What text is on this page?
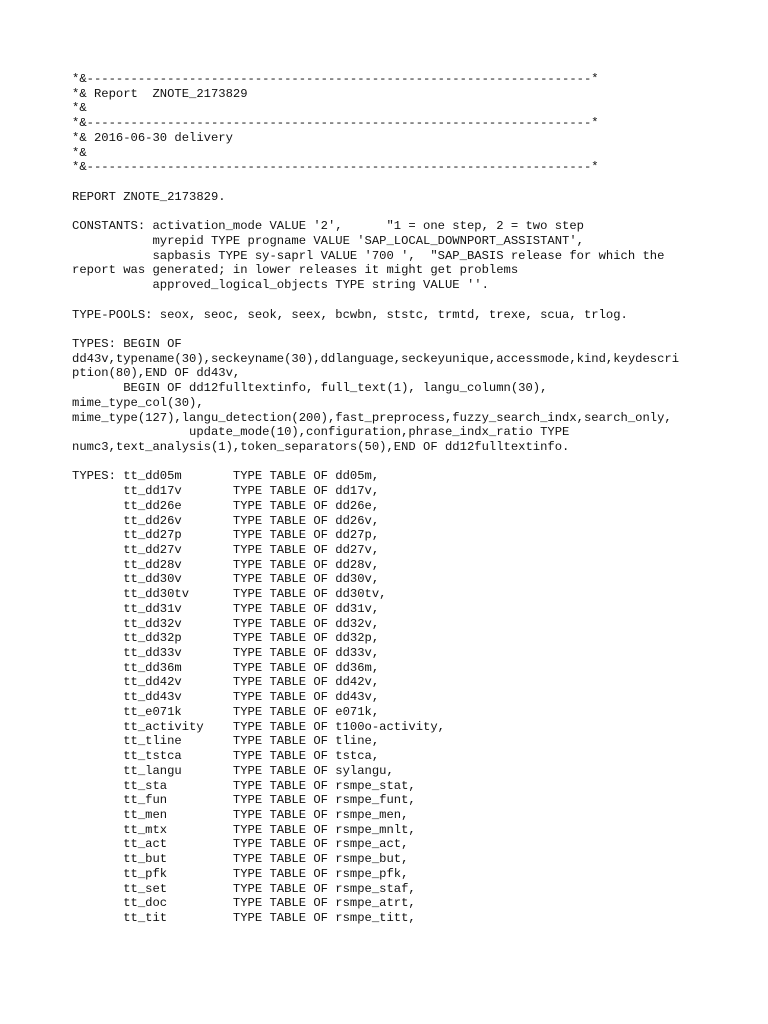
*&---------------------------------------------------------------------*
*& Report  ZNOTE_2173829
*&
*&---------------------------------------------------------------------*
*& 2016-06-30 delivery
*&
*&---------------------------------------------------------------------*
REPORT ZNOTE_2173829.
CONSTANTS: activation_mode VALUE '2',      "1 = one step, 2 = two step
myrepid TYPE progname VALUE 'SAP_LOCAL_DOWNPORT_ASSISTANT',
sapbasis TYPE sy-saprl VALUE '700 ',  "SAP_BASIS release for which the
report was generated; in lower releases it might get problems
approved_logical_objects TYPE string VALUE ''.
TYPE-POOLS: seox, seoc, seok, seex, bcwbn, ststc, trmtd, trexe, scua, trlog.
TYPES: BEGIN OF
dd43v,typename(30),seckeyname(30),ddlanguage,seckeyunique,accessmode,kind,keydescri
ption(80),END OF dd43v,
BEGIN OF dd12fulltextinfo, full_text(1), langu_column(30),
mime_type_col(30),
mime_type(127),langu_detection(200),fast_preprocess,fuzzy_search_indx,search_only,
update_mode(10),configuration,phrase_indx_ratio TYPE
numc3,text_analysis(1),token_separators(50),END OF dd12fulltextinfo.
TYPES: tt_dd05m       TYPE TABLE OF dd05m,
tt_dd17v       TYPE TABLE OF dd17v,
tt_dd26e       TYPE TABLE OF dd26e,
tt_dd26v       TYPE TABLE OF dd26v,
tt_dd27p       TYPE TABLE OF dd27p,
tt_dd27v       TYPE TABLE OF dd27v,
tt_dd28v       TYPE TABLE OF dd28v,
tt_dd30v       TYPE TABLE OF dd30v,
tt_dd30tv      TYPE TABLE OF dd30tv,
tt_dd31v       TYPE TABLE OF dd31v,
tt_dd32v       TYPE TABLE OF dd32v,
tt_dd32p       TYPE TABLE OF dd32p,
tt_dd33v       TYPE TABLE OF dd33v,
tt_dd36m       TYPE TABLE OF dd36m,
tt_dd42v       TYPE TABLE OF dd42v,
tt_dd43v       TYPE TABLE OF dd43v,
tt_e071k       TYPE TABLE OF e071k,
tt_activity    TYPE TABLE OF t100o-activity,
tt_tline       TYPE TABLE OF tline,
tt_tstca       TYPE TABLE OF tstca,
tt_langu       TYPE TABLE OF sylangu,
tt_sta         TYPE TABLE OF rsmpe_stat,
tt_fun         TYPE TABLE OF rsmpe_funt,
tt_men         TYPE TABLE OF rsmpe_men,
tt_mtx         TYPE TABLE OF rsmpe_mnlt,
tt_act         TYPE TABLE OF rsmpe_act,
tt_but         TYPE TABLE OF rsmpe_but,
tt_pfk         TYPE TABLE OF rsmpe_pfk,
tt_set         TYPE TABLE OF rsmpe_staf,
tt_doc         TYPE TABLE OF rsmpe_atrt,
tt_tit         TYPE TABLE OF rsmpe_titt,
